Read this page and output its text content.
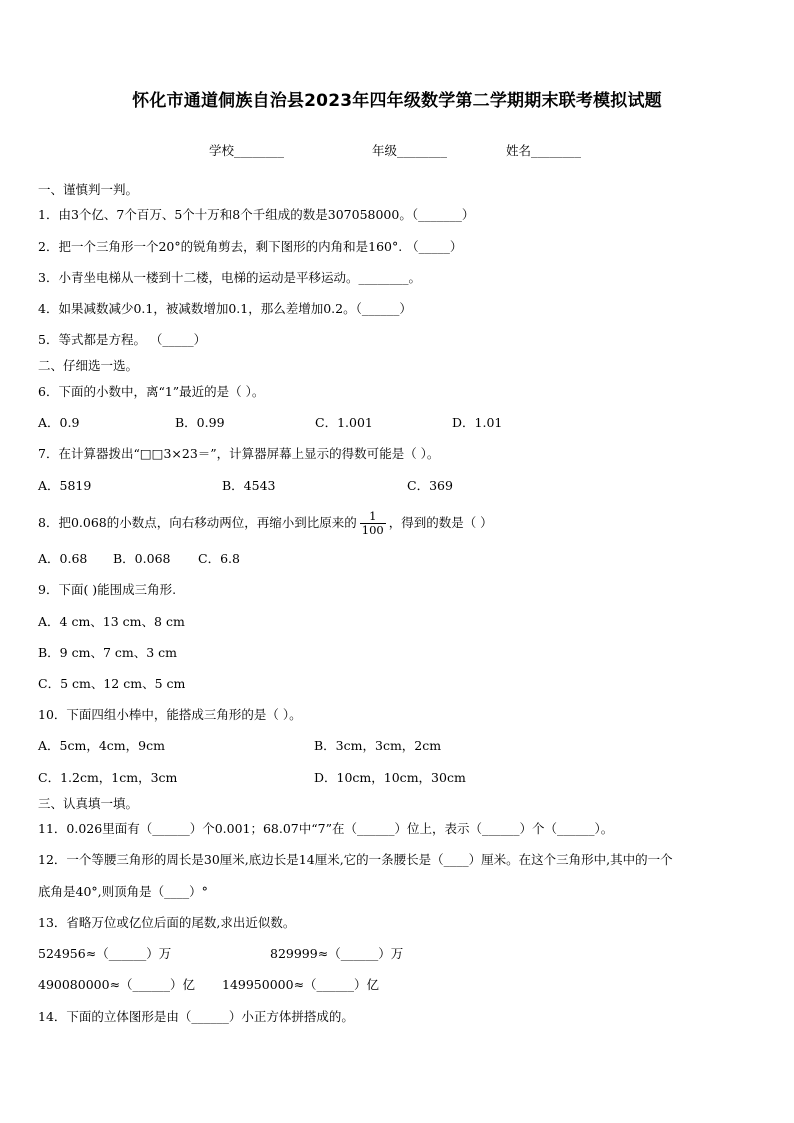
怀化市通道侗族自治县2023年四年级数学第二学期期末联考模拟试题
学校________	年级________	姓名________
一、谨慎判一判。
1．由3个亿、7个百万、5个十万和8个千组成的数是307058000。（_______）
2．把一个三角形一个20°的锐角剪去，剩下图形的内角和是160°. （_____）
3．小青坐电梯从一楼到十二楼，电梯的运动是平移运动。________。
4．如果减数减少0.1，被减数增加0.1，那么差增加0.2。（______）
5．等式都是方程。 （_____）
二、仔细选一选。
6．下面的小数中，离“1”最近的是（ ）。
A．0.9	B．0.99	C．1.001	D．1.01
7．在计算器拨出“□□3×23＝”，计算器屏幕上显示的得数可能是（ ）。
A．5819	B．4543	C．369
8．把0.068的小数点，向右移动两位，再缩小到比原来的 $\frac{1}{100}$ ，得到的数是（ ）
A．0.68 B．0.068 C．6.8
9．下面( )能围成三角形.
A．4 cm、13 cm、8 cm
B．9 cm、7 cm、3 cm
C．5 cm、12 cm、5 cm
10．下面四组小棒中，能搭成三角形的是（ ）。
A．5cm，4cm，9cm	B．3cm，3cm，2cm
C．1.2cm，1cm，3cm	D．10cm，10cm，30cm
三、认真填一填。
11．0.026里面有（______）个0.001；68.07中“7”在（______）位上，表示（______）个（______）。
12．一个等腰三角形的周长是30厘米,底边长是14厘米,它的一条腰长是（____）厘米。在这个三角形中,其中的一个
底角是40°,则顶角是（____）°
13．省略万位或亿位后面的尾数,求出近似数。
524956≈（______）万	829999≈（______）万
490080000≈（______）亿 149950000≈（______）亿
14．下面的立体图形是由（______）小正方体拼搭成的。
